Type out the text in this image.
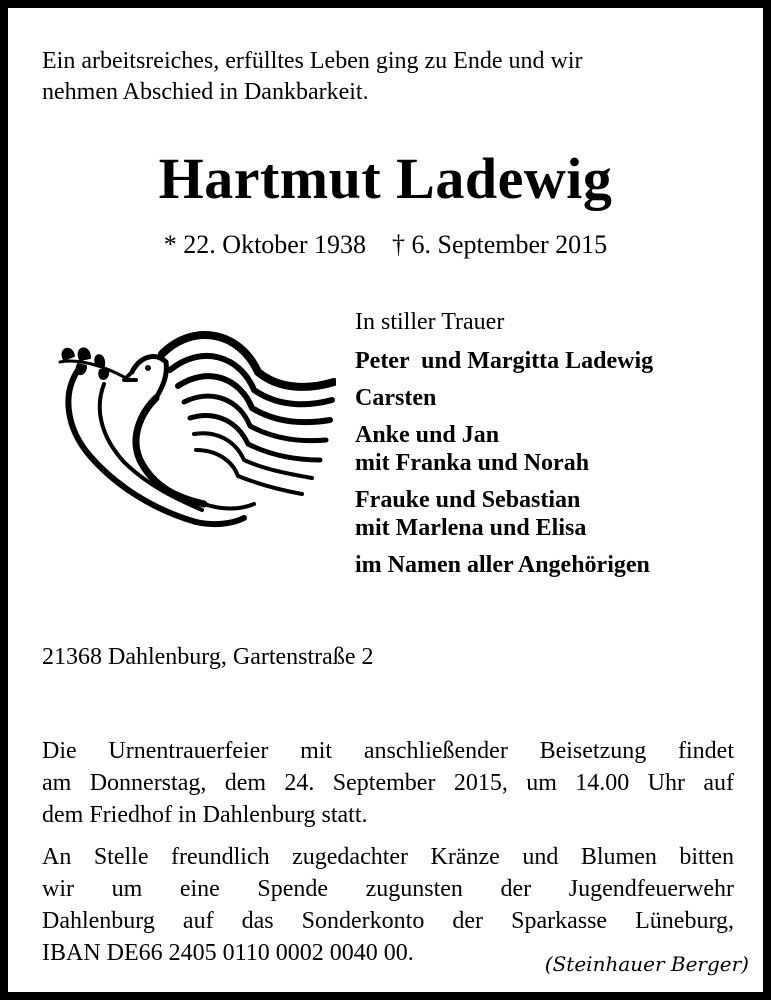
Ein arbeitsreiches, erfülltes Leben ging zu Ende und wir
nehmen Abschied in Dankbarkeit.
Hartmut Ladewig
* 22. Oktober 1938 † 6. September 2015
In stiller Trauer
Peter  und Margitta Ladewig
Carsten
Anke und Jan
mit Franka und Norah
Frauke und Sebastian
mit Marlena und Elisa
im Namen aller Angehörigen
21368 Dahlenburg, Gartenstraße 2
Die Urnentrauerfeier mit anschließender Beisetzung findet
am Donnerstag, dem 24. September 2015, um 14.00 Uhr auf
dem Friedhof in Dahlenburg statt.
An Stelle freundlich zugedachter Kränze und Blumen bitten
wir um eine Spende zugunsten der Jugendfeuerwehr
Dahlenburg auf das Sonderkonto der Sparkasse Lüneburg,
IBAN DE66 2405 0110 0002 0040 00.	(Steinhauer Berger)
